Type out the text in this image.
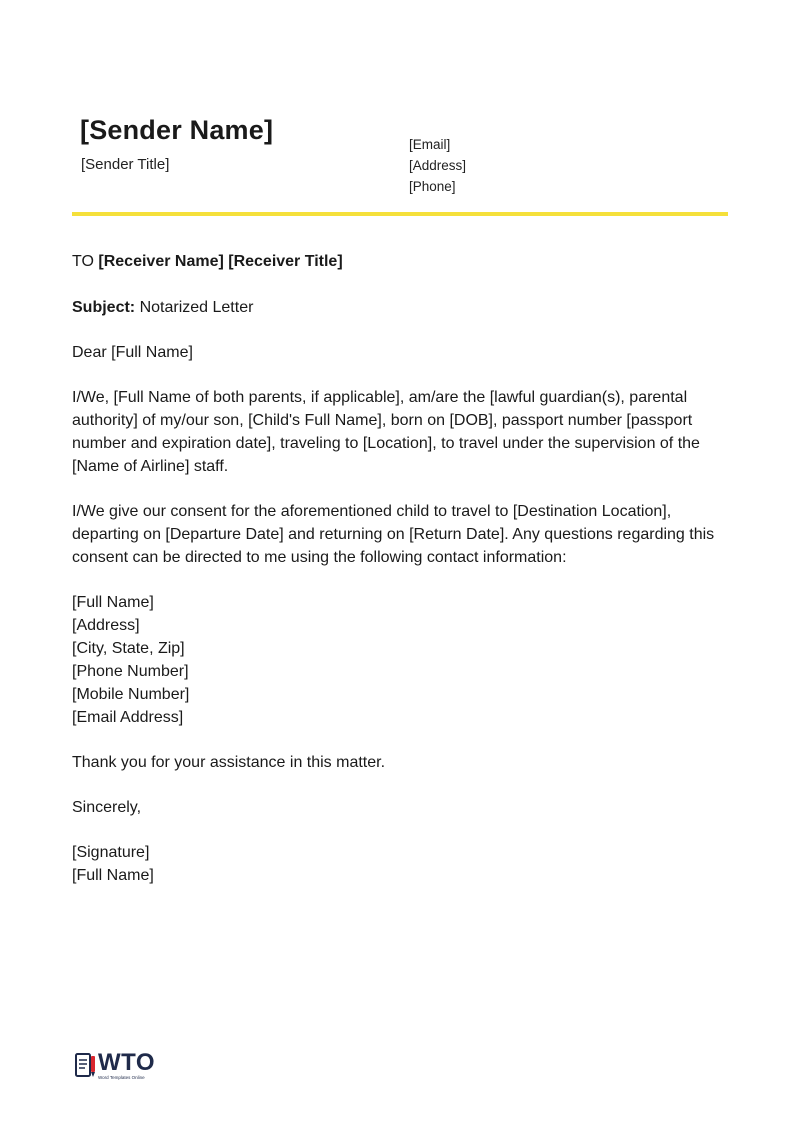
[Sender Name]
[Sender Title]
[Email]
[Address]
[Phone]

TO [Receiver Name] [Receiver Title]

Subject: Notarized Letter

Dear [Full Name]

I/We, [Full Name of both parents, if applicable], am/are the [lawful guardian(s), parental authority] of my/our son, [Child's Full Name], born on [DOB], passport number [passport number and expiration date], traveling to [Location], to travel under the supervision of the [Name of Airline] staff.

I/We give our consent for the aforementioned child to travel to [Destination Location], departing on [Departure Date] and returning on [Return Date]. Any questions regarding this consent can be directed to me using the following contact information:

[Full Name]
[Address]
[City, State, Zip]
[Phone Number]
[Mobile Number]
[Email Address]

Thank you for your assistance in this matter.

Sincerely,

[Signature]
[Full Name]
WTO
Word Templates Online
